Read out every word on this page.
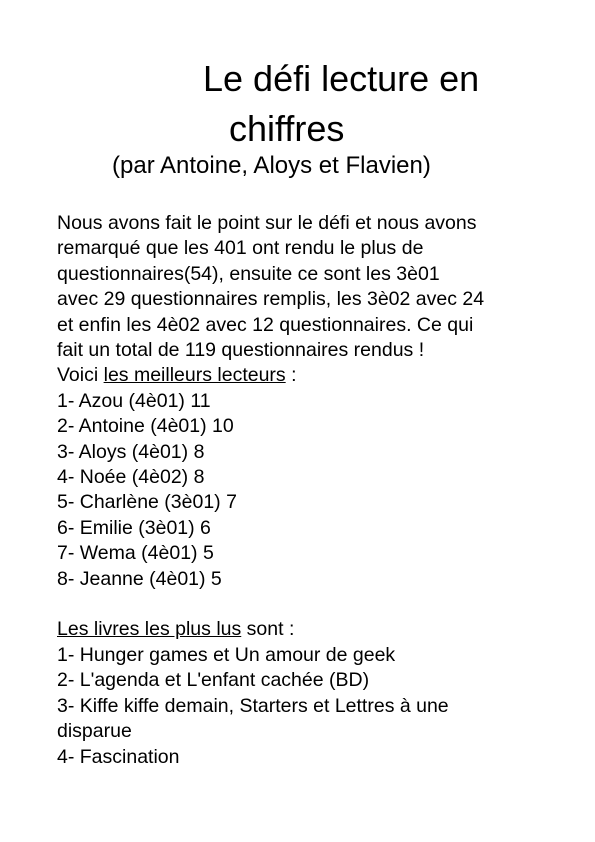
Le défi lecture en
chiffres
(par Antoine, Aloys et Flavien)
Nous avons fait le point sur le défi et nous avons
remarqué que les 401 ont rendu le plus de
questionnaires(54), ensuite ce sont les 3è01
avec 29 questionnaires remplis, les 3è02 avec 24
et enfin les 4è02 avec 12 questionnaires. Ce qui
fait un total de 119 questionnaires rendus !
Voici les meilleurs lecteurs :
1- Azou (4è01) 11
2- Antoine (4è01) 10
3- Aloys (4è01) 8
4- Noée (4è02) 8
5- Charlène (3è01) 7
6- Emilie (3è01) 6
7- Wema (4è01) 5
8- Jeanne (4è01) 5
Les livres les plus lus sont :
1- Hunger games et Un amour de geek
2- L'agenda et L'enfant cachée (BD)
3- Kiffe kiffe demain, Starters et Lettres à une
disparue
4- Fascination
